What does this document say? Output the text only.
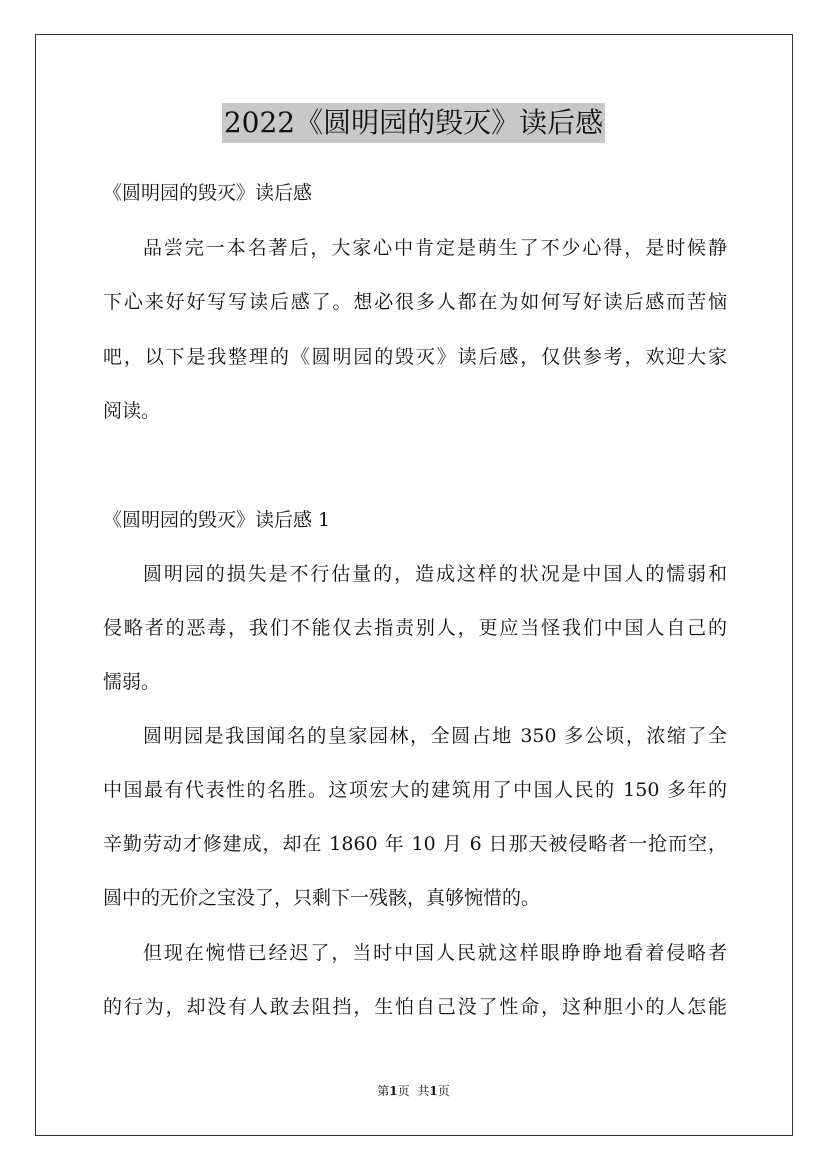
2022《圆明园的毁灭》读后感
《圆明园的毁灭》读后感
品尝完一本名著后，大家心中肯定是萌生了不少心得，是时候静
下心来好好写写读后感了。想必很多人都在为如何写好读后感而苦恼
吧，以下是我整理的《圆明园的毁灭》读后感，仅供参考，欢迎大家
阅读。
《圆明园的毁灭》读后感 1
圆明园的损失是不行估量的，造成这样的状况是中国人的懦弱和
侵略者的恶毒，我们不能仅去指责别人，更应当怪我们中国人自己的
懦弱。
圆明园是我国闻名的皇家园林，全圆占地 350 多公顷，浓缩了全
中国最有代表性的名胜。这项宏大的建筑用了中国人民的 150 多年的
辛勤劳动才修建成，却在 1860 年 10 月 6 日那天被侵略者一抢而空，
圆中的无价之宝没了，只剩下一残骸，真够惋惜的。
但现在惋惜已经迟了，当时中国人民就这样眼睁睁地看着侵略者
的行为，却没有人敢去阻挡，生怕自己没了性命，这种胆小的人怎能
第1页 共1页
